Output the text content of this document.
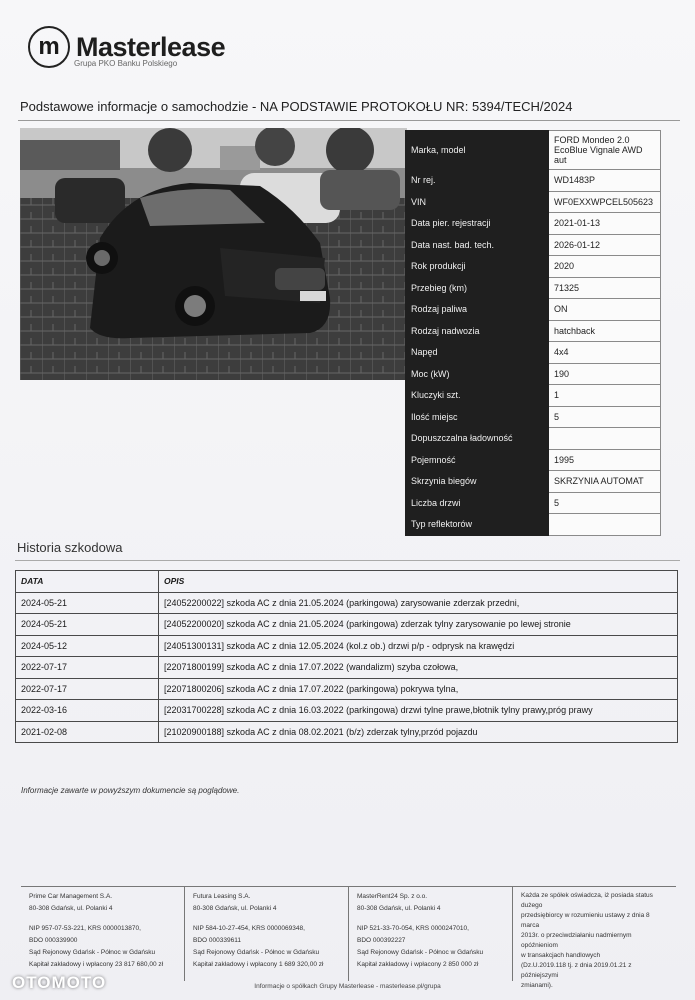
m Masterlease
Grupa PKO Banku Polskiego
Podstawowe informacje o samochodzie - NA PODSTAWIE PROTOKOŁU NR: 5394/TECH/2024
Marka, model	FORD Mondeo 2.0 EcoBlue Vignale AWD aut
Nr rej.	WD1483P
VIN	WF0EXXWPCEL505623
Data pier. rejestracji	2021-01-13
Data nast. bad. tech.	2026-01-12
Rok produkcji	2020
Przebieg (km)	71325
Rodzaj paliwa	ON
Rodzaj nadwozia	hatchback
Napęd	4x4
Moc (kW)	190
Kluczyki szt.	1
Ilość miejsc	5
Dopuszczalna ładowność	
Pojemność	1995
Skrzynia biegów	SKRZYNIA AUTOMAT
Liczba drzwi	5
Typ reflektorów	
Historia szkodowa
DATA	OPIS
2024-05-21	[24052200022] szkoda AC z dnia 21.05.2024 (parkingowa) zarysowanie zderzak przedni,
2024-05-21	[24052200020] szkoda AC z dnia 21.05.2024 (parkingowa) zderzak tylny zarysowanie po lewej stronie
2024-05-12	[24051300131] szkoda AC z dnia 12.05.2024 (kol.z ob.) drzwi p/p - odprysk na krawędzi
2022-07-17	[22071800199] szkoda AC z dnia 17.07.2022 (wandalizm) szyba czołowa,
2022-07-17	[22071800206] szkoda AC z dnia 17.07.2022 (parkingowa) pokrywa tylna,
2022-03-16	[22031700228] szkoda AC z dnia 16.03.2022 (parkingowa) drzwi tylne prawe,błotnik tylny prawy,próg prawy
2021-02-08	[21020900188] szkoda AC z dnia 08.02.2021 (b/z) zderzak tylny,przód pojazdu
Informacje zawarte w powyższym dokumencie są poglądowe.
Prime Car Management S.A.
80-308 Gdańsk, ul. Polanki 4
NIP 957-07-53-221, KRS 0000013870,
BDO 000339900
Sąd Rejonowy Gdańsk - Północ w Gdańsku
Kapitał zakładowy i wpłacony 23 817 680,00 zł
Futura Leasing S.A.
80-308 Gdańsk, ul. Polanki 4
NIP 584-10-27-454, KRS 0000069348,
BDO 000339611
Sąd Rejonowy Gdańsk - Północ w Gdańsku
Kapitał zakładowy i wpłacony 1 689 320,00 zł
MasterRent24 Sp. z o.o.
80-308 Gdańsk, ul. Polanki 4
NIP 521-33-70-054, KRS 0000247010,
BDO 000392227
Sąd Rejonowy Gdańsk - Północ w Gdańsku
Kapitał zakładowy i wpłacony 2 850 000 zł
Każda ze spółek oświadcza, iż posiada status dużego
przedsiębiorcy w rozumieniu ustawy z dnia 8 marca
2013r. o przeciwdziałaniu nadmiernym opóźnieniom
w transakcjach handlowych
(Dz.U.2019.118 tj. z dnia 2019.01.21 z późniejszymi
zmianami).
Informacje o spółkach Grupy Masterlease - masterlease.pl/grupa
OTOMOTO
